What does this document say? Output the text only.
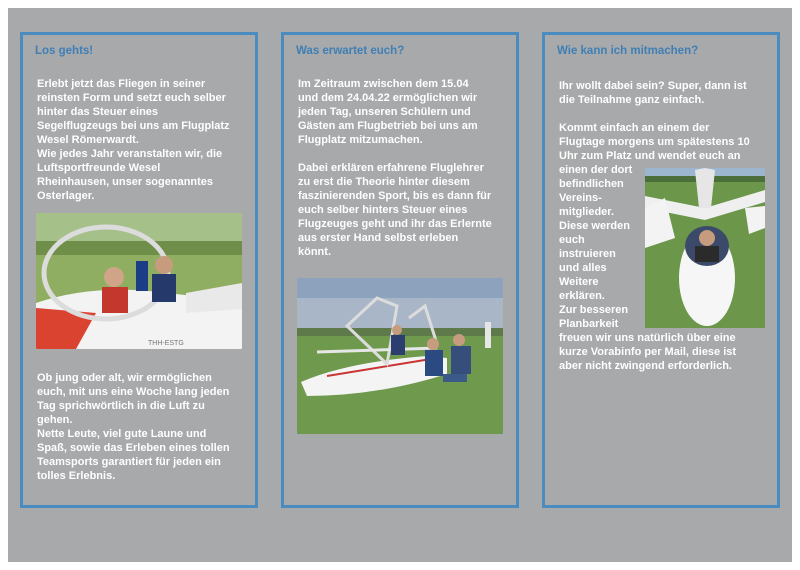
Los gehts!

Erlebt jetzt das Fliegen in seiner
reinsten Form und setzt euch selber
hinter das Steuer eines
Segelflugzeugs bei uns am Flugplatz
Wesel Römerwardt.
Wie jedes Jahr veranstalten wir, die
Luftsportfreunde Wesel
Rheinhausen, unser sogenanntes
Osterlager.

THH-ESTG

Ob jung oder alt, wir ermöglichen
euch, mit uns eine Woche lang jeden
Tag sprichwörtlich in die Luft zu
gehen.
Nette Leute, viel gute Laune und
Spaß, sowie das Erleben eines tollen
Teamsports garantiert für jeden ein
tolles Erlebnis.

Was erwartet euch?

Im Zeitraum zwischen dem 15.04
und dem 24.04.22 ermöglichen wir
jeden Tag, unseren Schülern und
Gästen am Flugbetrieb bei uns am
Flugplatz mitzumachen.

Dabei erklären erfahrene Fluglehrer
zu erst die Theorie hinter diesem
faszinierenden Sport, bis es dann für
euch selber hinters Steuer eines
Flugzeuges geht und ihr das Erlernte
aus erster Hand selbst erleben
könnt.

Wie kann ich mitmachen?

Ihr wollt dabei sein? Super, dann ist
die Teilnahme ganz einfach.

Kommt einfach an einem der
Flugtage morgens um spätestens 10
Uhr zum Platz und wendet euch an

einen der dort
befindlichen
Vereins-
mitglieder.
Diese werden
euch
instruieren
und alles
Weitere
erklären.
Zur besseren
Planbarkeit

freuen wir uns natürlich über eine
kurze Vorabinfo per Mail, diese ist
aber nicht zwingend erforderlich.
